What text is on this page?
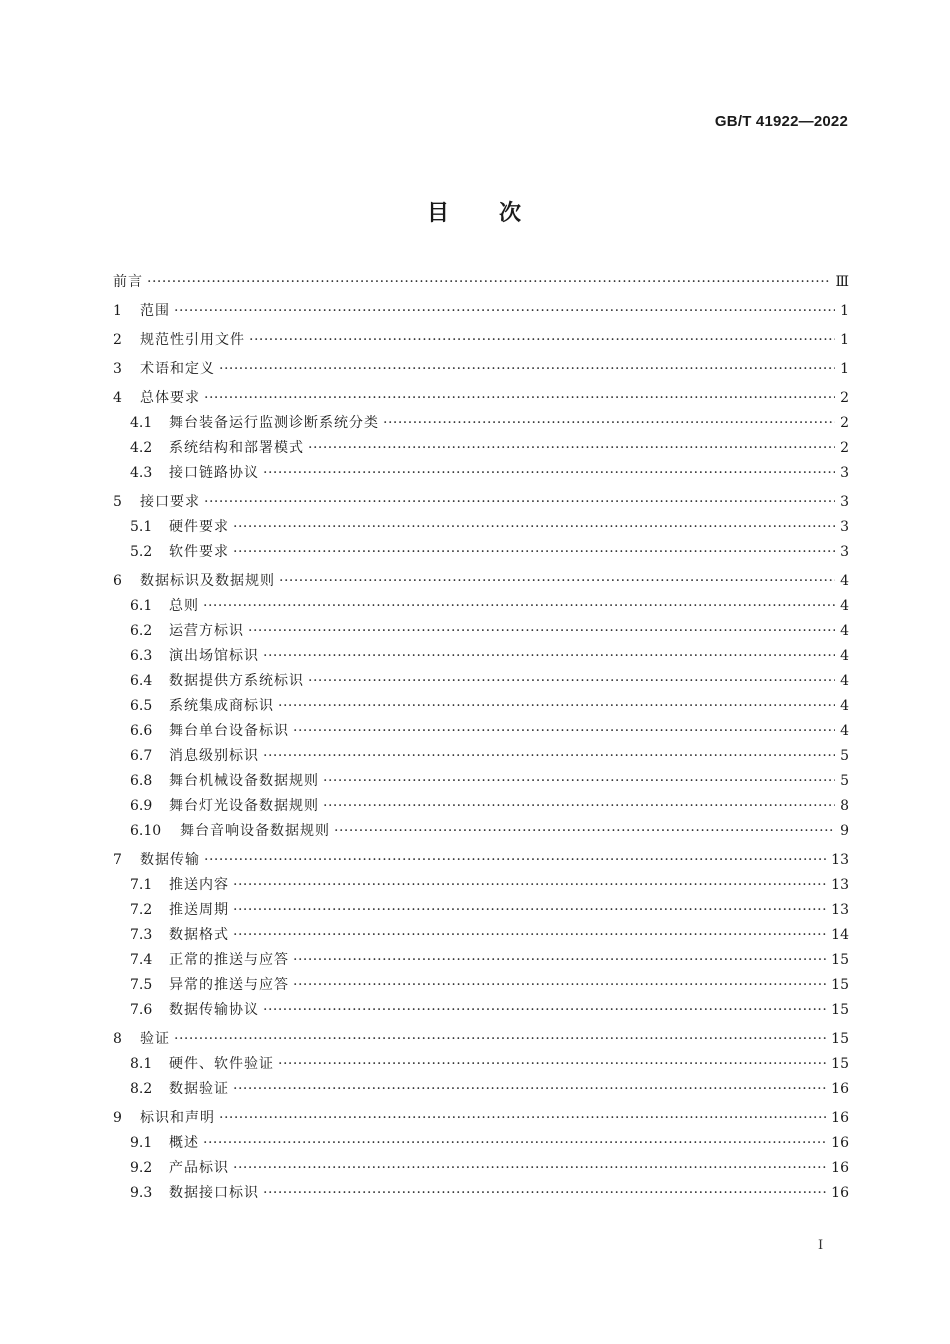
GB/T 41922—2022
目 次
前言 ·····	Ⅲ
1	范围 ·····	1
2	规范性引用文件 ·····	1
3	术语和定义 ·····	1
4	总体要求 ·····	2
4.1	舞台装备运行监测诊断系统分类 ·····	2
4.2	系统结构和部署模式 ·····	2
4.3	接口链路协议 ·····	3
5	接口要求 ·····	3
5.1	硬件要求 ·····	3
5.2	软件要求 ·····	3
6	数据标识及数据规则 ·····	4
6.1	总则 ·····	4
6.2	运营方标识 ·····	4
6.3	演出场馆标识 ·····	4
6.4	数据提供方系统标识 ·····	4
6.5	系统集成商标识 ·····	4
6.6	舞台单台设备标识 ·····	4
6.7	消息级别标识 ·····	5
6.8	舞台机械设备数据规则 ·····	5
6.9	舞台灯光设备数据规则 ·····	8
6.10	舞台音响设备数据规则 ·····	9
7	数据传输 ·····	13
7.1	推送内容 ·····	13
7.2	推送周期 ·····	13
7.3	数据格式 ·····	14
7.4	正常的推送与应答 ·····	15
7.5	异常的推送与应答 ·····	15
7.6	数据传输协议 ·····	15
8	验证 ·····	15
8.1	硬件、软件验证 ·····	15
8.2	数据验证 ·····	16
9	标识和声明 ·····	16
9.1	概述 ·····	16
9.2	产品标识 ·····	16
9.3	数据接口标识 ·····	16
Ⅰ
